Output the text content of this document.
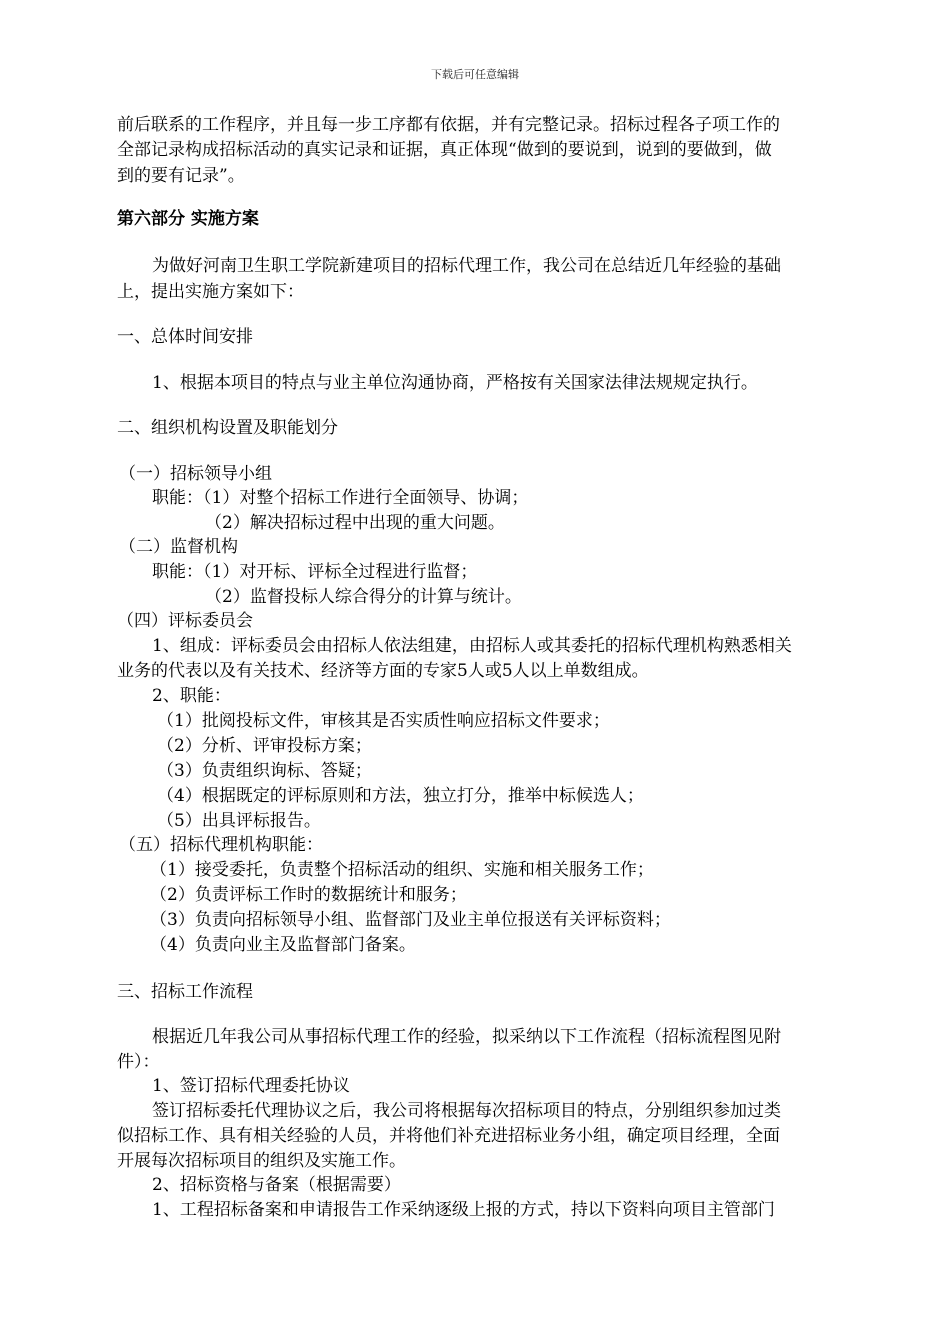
下载后可任意编辑
前后联系的工作程序，并且每一步工序都有依据，并有完整记录。招标过程各子项工作的
全部记录构成招标活动的真实记录和证据，真正体现“做到的要说到，说到的要做到，做
到的要有记录”。
第六部分 实施方案
为做好河南卫生职工学院新建项目的招标代理工作，我公司在总结近几年经验的基础
上，提出实施方案如下：
一、总体时间安排
1、根据本项目的特点与业主单位沟通协商，严格按有关国家法律法规规定执行。
二、组织机构设置及职能划分
（一）招标领导小组
职能：（1）对整个招标工作进行全面领导、协调；
（2）解决招标过程中出现的重大问题。
（二）监督机构
职能：（1）对开标、评标全过程进行监督；
（2）监督投标人综合得分的计算与统计。
（四）评标委员会
1、组成：评标委员会由招标人依法组建，由招标人或其委托的招标代理机构熟悉相关
业务的代表以及有关技术、经济等方面的专家5人或5人以上单数组成。
2、职能：
（1）批阅投标文件，审核其是否实质性响应招标文件要求；
（2）分析、评审投标方案；
（3）负责组织询标、答疑；
（4）根据既定的评标原则和方法，独立打分，推举中标候选人；
（5）出具评标报告。
（五）招标代理机构职能：
（1）接受委托，负责整个招标活动的组织、实施和相关服务工作；
（2）负责评标工作时的数据统计和服务；
（3）负责向招标领导小组、监督部门及业主单位报送有关评标资料；
（4）负责向业主及监督部门备案。
三、招标工作流程
根据近几年我公司从事招标代理工作的经验，拟采纳以下工作流程（招标流程图见附
件）：
1、签订招标代理委托协议
签订招标委托代理协议之后，我公司将根据每次招标项目的特点，分别组织参加过类
似招标工作、具有相关经验的人员，并将他们补充进招标业务小组，确定项目经理，全面
开展每次招标项目的组织及实施工作。
2、招标资格与备案（根据需要）
1、工程招标备案和申请报告工作采纳逐级上报的方式，持以下资料向项目主管部门
